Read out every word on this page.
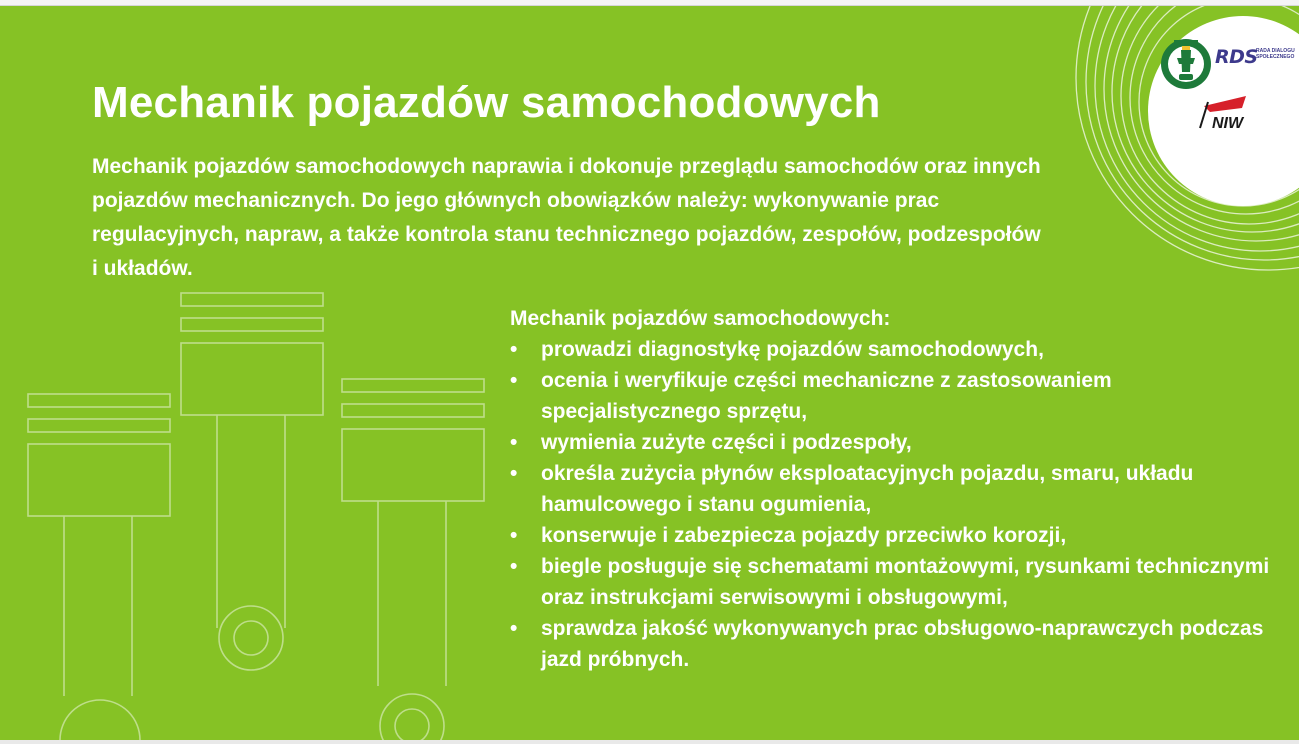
Mechanik pojazdów samochodowych

Mechanik pojazdów samochodowych naprawia i dokonuje przeglądu samochodów oraz innych pojazdów mechanicznych. Do jego głównych obowiązków należy: wykonywanie prac regulacyjnych, napraw, a także kontrola stanu technicznego pojazdów, zespołów, podzespołów i układów.

Mechanik pojazdów samochodowych:

• prowadzi diagnostykę pojazdów samochodowych,
• ocenia i weryfikuje części mechaniczne z zastosowaniem specjalistycznego sprzętu,
• wymienia zużyte części i podzespoły,
• określa zużycia płynów eksploatacyjnych pojazdu, smaru, układu hamulcowego i stanu ogumienia,
• konserwuje i zabezpiecza pojazdy przeciwko korozji,
• biegle posługuje się schematami montażowymi, rysunkami technicznymi oraz instrukcjami serwisowymi i obsługowymi,
• sprawdza jakość wykonywanych prac obsługowo-naprawczych podczas jazd próbnych.
RDS
RADA DIALOGU SPOŁECZNEGO
NIW
